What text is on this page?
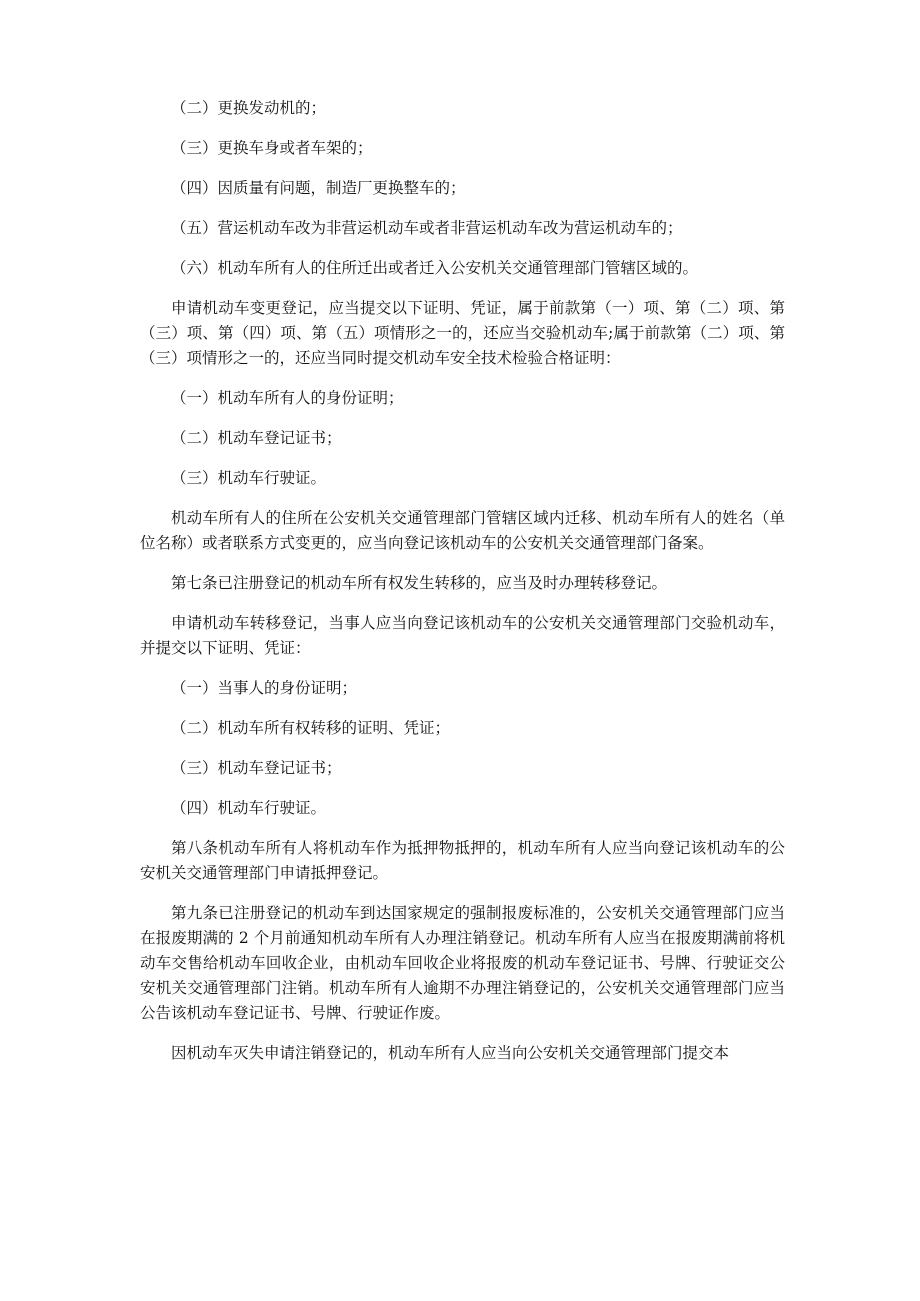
（二）更换发动机的；

（三）更换车身或者车架的；

（四）因质量有问题，制造厂更换整车的；

（五）营运机动车改为非营运机动车或者非营运机动车改为营运机动车的；

（六）机动车所有人的住所迁出或者迁入公安机关交通管理部门管辖区域的。

申请机动车变更登记，应当提交以下证明、凭证，属于前款第（一）项、第（二）项、第（三）项、第（四）项、第（五）项情形之一的，还应当交验机动车;属于前款第（二）项、第（三）项情形之一的，还应当同时提交机动车安全技术检验合格证明：

（一）机动车所有人的身份证明；

（二）机动车登记证书；

（三）机动车行驶证。

机动车所有人的住所在公安机关交通管理部门管辖区域内迁移、机动车所有人的姓名（单位名称）或者联系方式变更的，应当向登记该机动车的公安机关交通管理部门备案。

第七条已注册登记的机动车所有权发生转移的，应当及时办理转移登记。

申请机动车转移登记，当事人应当向登记该机动车的公安机关交通管理部门交验机动车，并提交以下证明、凭证：

（一）当事人的身份证明；

（二）机动车所有权转移的证明、凭证；

（三）机动车登记证书；

（四）机动车行驶证。

第八条机动车所有人将机动车作为抵押物抵押的，机动车所有人应当向登记该机动车的公安机关交通管理部门申请抵押登记。

第九条已注册登记的机动车到达国家规定的强制报废标准的，公安机关交通管理部门应当在报废期满的 2 个月前通知机动车所有人办理注销登记。机动车所有人应当在报废期满前将机动车交售给机动车回收企业，由机动车回收企业将报废的机动车登记证书、号牌、行驶证交公安机关交通管理部门注销。机动车所有人逾期不办理注销登记的，公安机关交通管理部门应当公告该机动车登记证书、号牌、行驶证作废。

因机动车灭失申请注销登记的，机动车所有人应当向公安机关交通管理部门提交本
